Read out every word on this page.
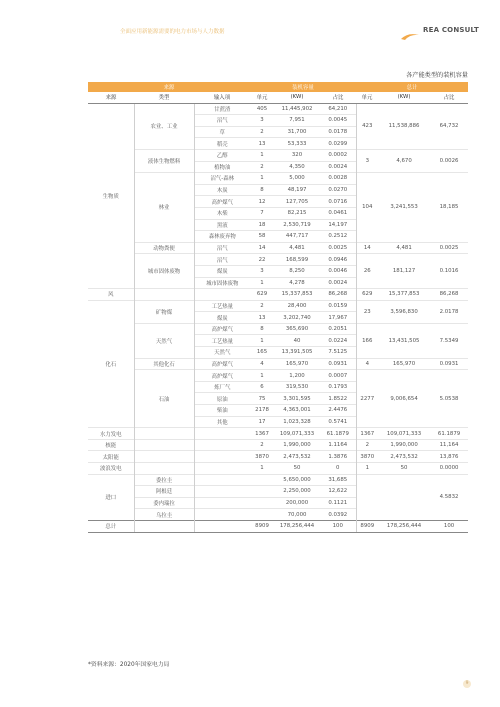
全面应用新能源需要的电力市场与人力数据	REA CONSULT
各产能类型的装机容量
来源			装机容量			总计		
来源	类型	输入项	单元	(KW)	占比	单元	(KW)	占比
生物质	农业、工业	甘蔗渣	405	11,445,902	64,210	423	11,538,886	64,732
		沼气	3	7,951	0.0045			
		草	2	31,700	0.0178			
		稻壳	13	53,333	0.0299			
	液体生物燃料	乙醇	1	320	0.0002	3	4,670	0.0026
		植物油	2	4,350	0.0024			
	林业	沼气-森林	1	5,000	0.0028	104	3,241,553	18,185
		木炭	8	48,197	0.0270			
		高炉煤气	12	127,705	0.0716			
		木柴	7	82,215	0.0461			
		黑液	18	2,530,719	14,197			
		森林废弃物	58	447,717	0.2512			
	动物粪便	沼气	14	4,481	0.0025	14	4,481	0.0025
	城市固体废物	沼气	22	168,599	0.0946	26	181,127	0.1016
		煤炭	3	8,250	0.0046			
		城市固体废物	1	4,278	0.0024			
风			629	15,337,853	86,268	629	15,377,853	86,268
化石	矿物煤	工艺热量	2	28,400	0.0159	23	3,596,830	2.0178
		煤炭	13	3,202,740	17,967			
	天然气	高炉煤气	8	365,690	0.2051	166	13,431,505	7.5349
		工艺热量	1	40	0.0224			
		天然气	165	13,391,505	7.5125			
	其他化石	高炉煤气	4	165,970	0.0931	4	165,970	0.0931
	石油	高炉煤气	1	1,200	0.0007	2277	9,006,654	5.0538
		炼厂气	6	319,530	0.1793			
		原油	75	3,301,595	1.8522			
		柴油	2178	4,363,001	2.4476			
		其他	17	1,023,328	0.5741			
水力发电			1367	109,071,333	61.1879	1367	109,071,333	61.1879
核能			2	1,990,000	1.1164	2	1,990,000	11,164
太阳能			3870	2,473,532	1.3876	3870	2,473,532	13,876
波浪发电			1	50	0	1	50	0.0000
进口	委拉圭			5,650,000	31,685			4.5832
	阿根廷			2,250,000	12,622			
	委内瑞拉			200,000	0.1121			
	乌拉圭			70,000	0.0392			
总计			8909	178,256,444	100	8909	178,256,444	100
*资料来源：2020年国家电力局
9
